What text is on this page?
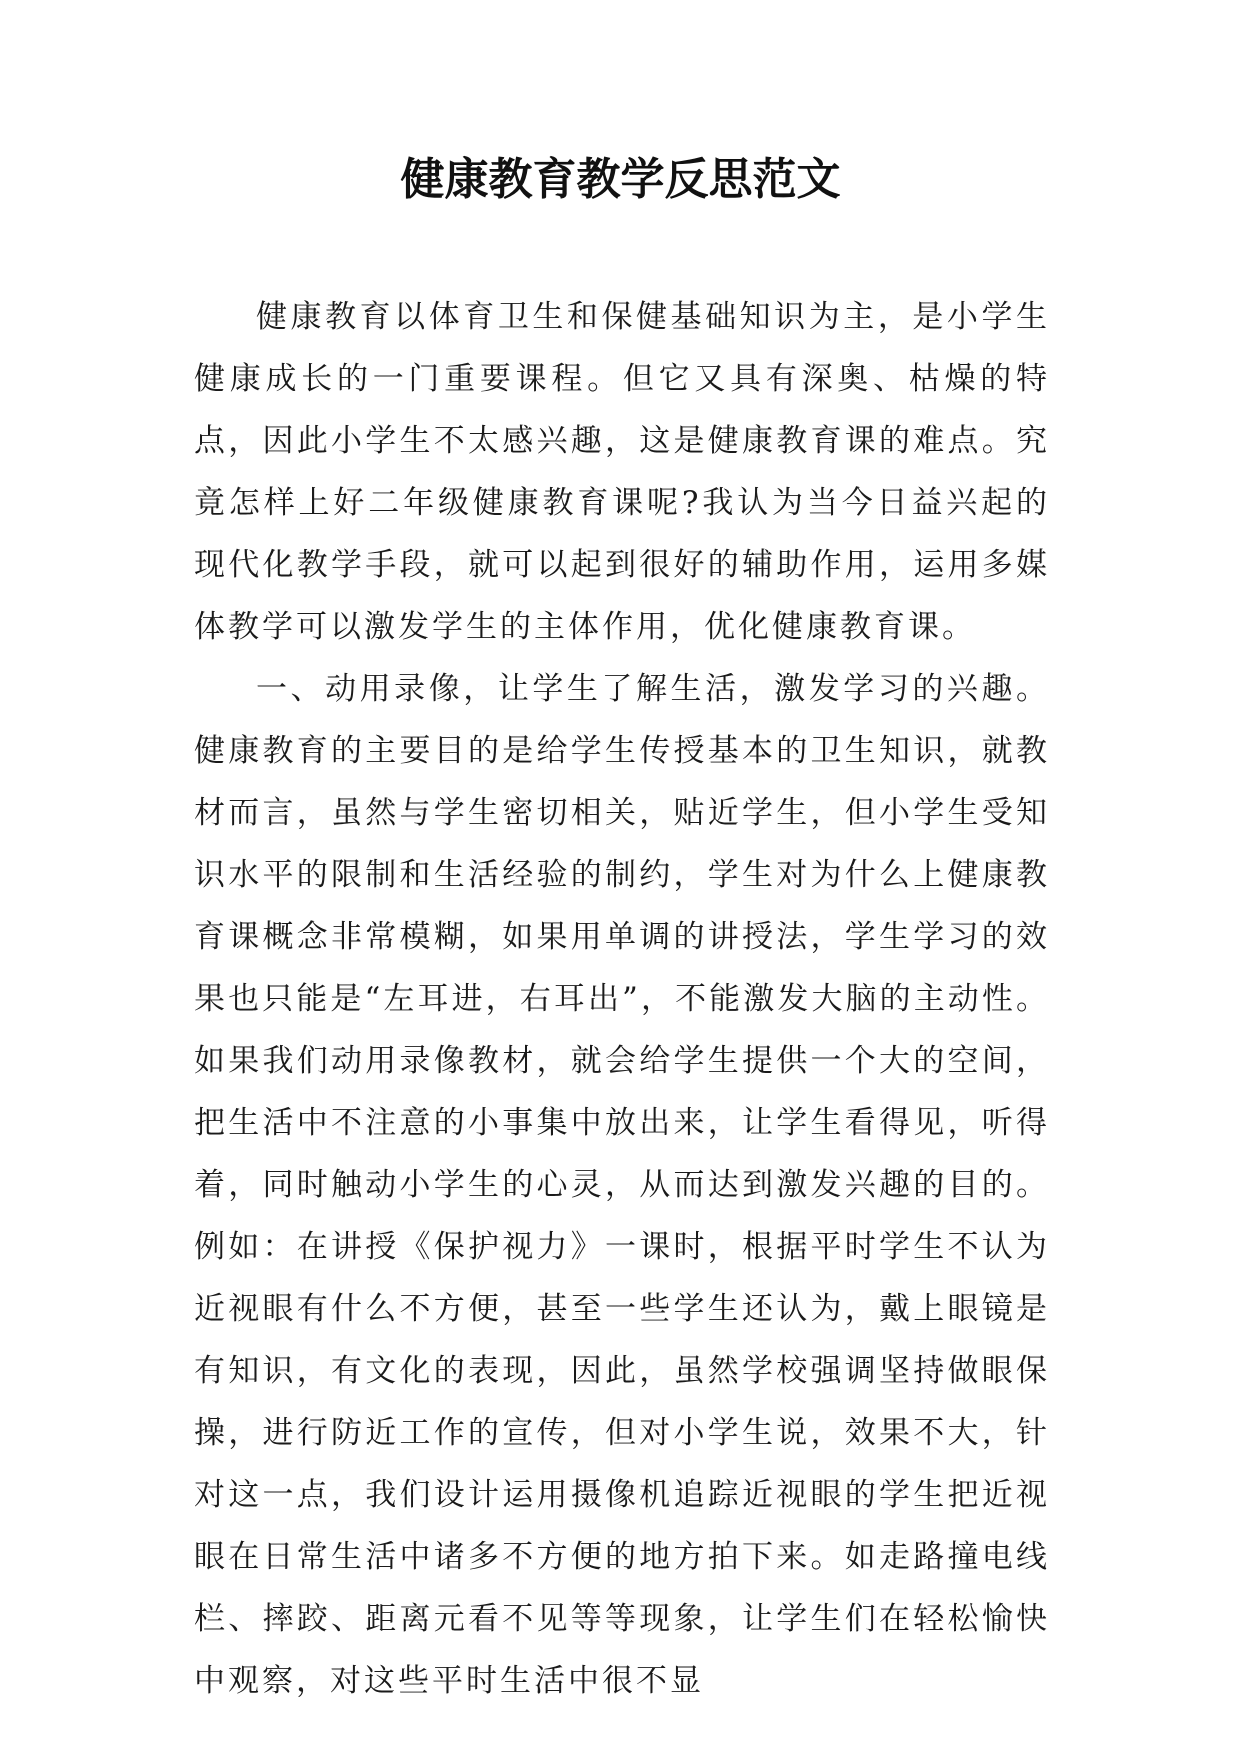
健康教育教学反思范文

健康教育以体育卫生和保健基础知识为主，是小学生健康成长的一门重要课程。但它又具有深奥、枯燥的特点，因此小学生不太感兴趣，这是健康教育课的难点。究竟怎样上好二年级健康教育课呢?我认为当今日益兴起的现代化教学手段，就可以起到很好的辅助作用，运用多媒体教学可以激发学生的主体作用，优化健康教育课。

一、动用录像，让学生了解生活，激发学习的兴趣。健康教育的主要目的是给学生传授基本的卫生知识，就教材而言，虽然与学生密切相关，贴近学生，但小学生受知识水平的限制和生活经验的制约，学生对为什么上健康教育课概念非常模糊，如果用单调的讲授法，学生学习的效果也只能是“左耳进，右耳出”，不能激发大脑的主动性。如果我们动用录像教材，就会给学生提供一个大的空间，把生活中不注意的小事集中放出来，让学生看得见，听得着，同时触动小学生的心灵，从而达到激发兴趣的目的。例如：在讲授《保护视力》一课时，根据平时学生不认为近视眼有什么不方便，甚至一些学生还认为，戴上眼镜是有知识，有文化的表现，因此，虽然学校强调坚持做眼保操，进行防近工作的宣传，但对小学生说，效果不大，针对这一点，我们设计运用摄像机追踪近视眼的学生把近视眼在日常生活中诸多不方便的地方拍下来。如走路撞电线栏、摔跤、距离元看不见等等现象，让学生们在轻松愉快中观察，对这些平时生活中很不显
